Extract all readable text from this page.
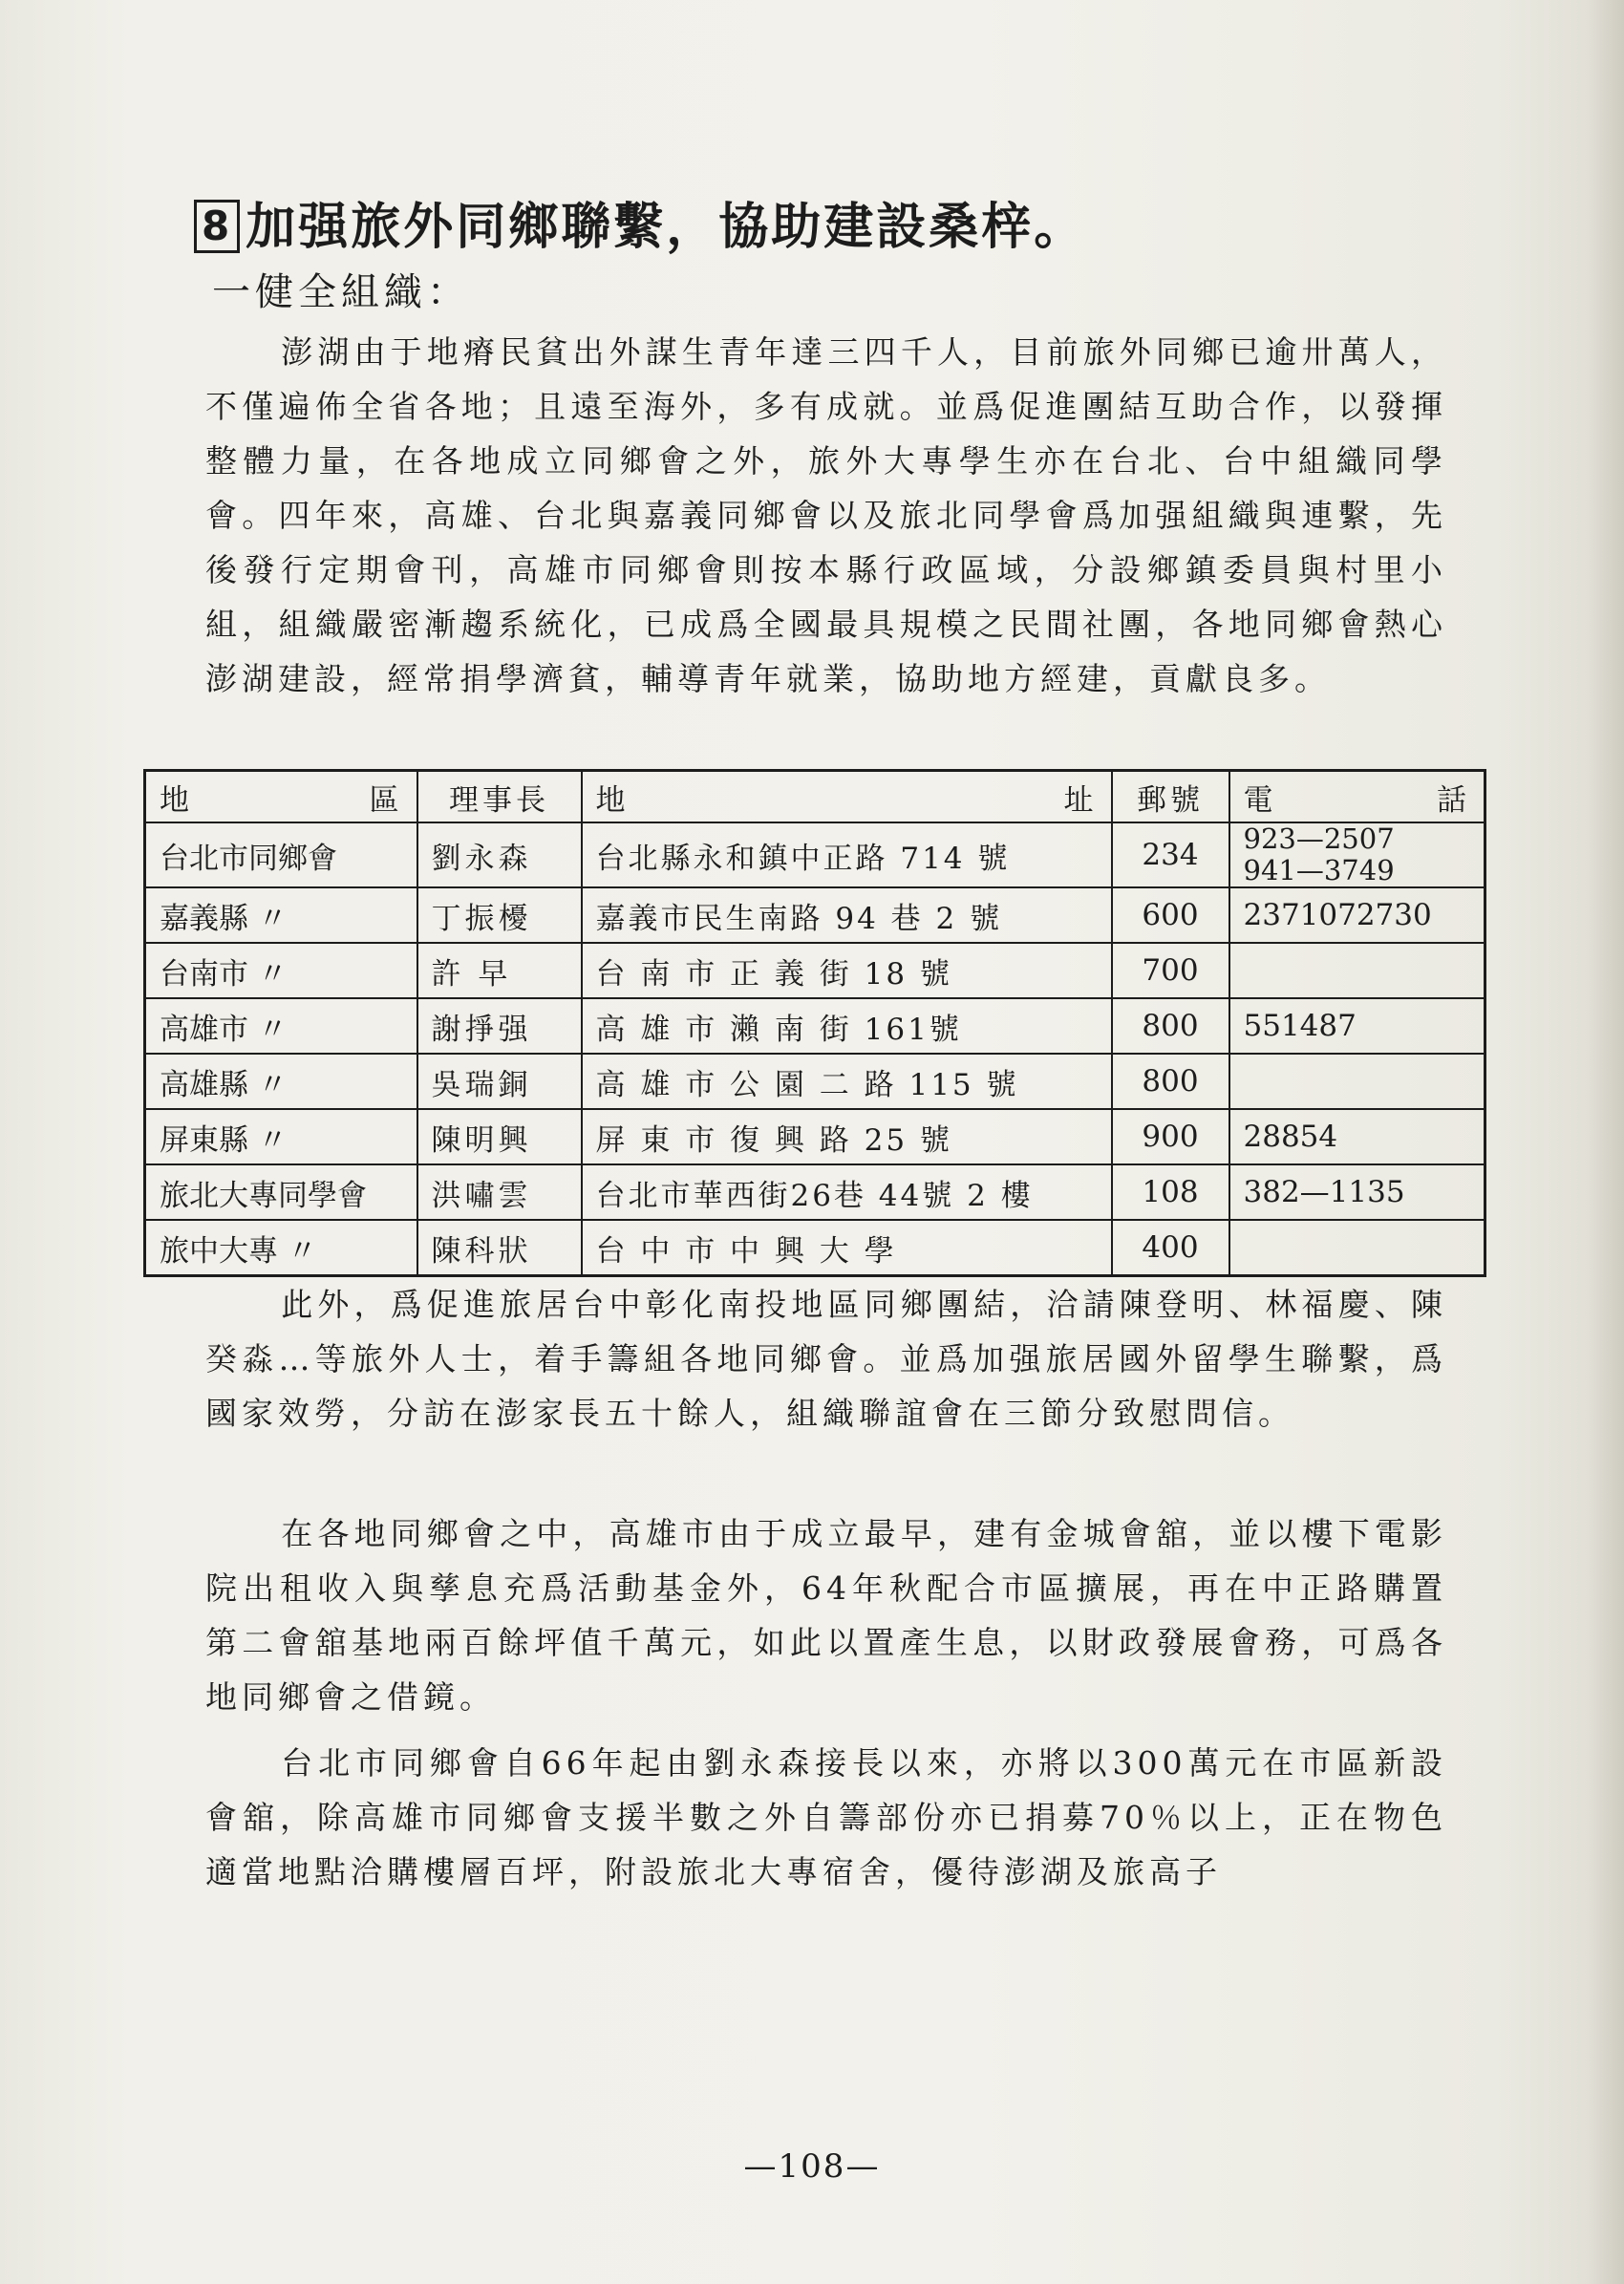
8 加强旅外同鄉聯繫，協助建設桑梓。
一健全組織：

澎湖由于地瘠民貧出外謀生青年達三四千人，目前旅外同鄉已逾卅萬人，不僅遍佈全省各地；且遠至海外，多有成就。並爲促進團結互助合作，以發揮整體力量，在各地成立同鄉會之外，旅外大專學生亦在台北、台中組織同學會。四年來，高雄、台北與嘉義同鄉會以及旅北同學會爲加强組織與連繫，先後發行定期會刊，高雄市同鄉會則按本縣行政區域，分設鄉鎮委員與村里小組，組織嚴密漸趨系統化，已成爲全國最具規模之民間社團，各地同鄉會熱心澎湖建設，經常捐學濟貧，輔導青年就業，協助地方經建，貢獻良多。

地 區	理事長	地 址	郵號	電 話

台北市同鄉會	劉永森	台北縣永和鎮中正路 714 號	234	923—2507
941—3749

嘉義縣 〃	丁振櫌	嘉義市民生南路 94 巷 2 號	600	2371072730
台南市 〃	許 早	台 南 市 正 義 街 18 號	700	
高雄市 〃	謝掙强	高 雄 市 瀨 南 街 161號	800	551487
高雄縣 〃	吳瑞銅	高 雄 市 公 園 二 路 115 號	800	
屏東縣 〃	陳明興	屏 東 市 復 興 路 25 號	900	28854
旅北大專同學會	洪嘯雲	台北市華西街26巷 44號 2 樓	108	382—1135
旅中大專 〃	陳科狀	台 中 市 中 興 大 學	400	

此外，爲促進旅居台中彰化南投地區同鄉團結，洽請陳登明、林福慶、陳癸淼…等旅外人士，着手籌組各地同鄉會。並爲加强旅居國外留學生聯繫，爲國家效勞，分訪在澎家長五十餘人，組織聯誼會在三節分致慰問信。

在各地同鄉會之中，高雄市由于成立最早，建有金城會舘，並以樓下電影院出租收入與孳息充爲活動基金外，64年秋配合市區擴展，再在中正路購置第二會舘基地兩百餘坪值千萬元，如此以置產生息，以財政發展會務，可爲各地同鄉會之借鏡。

台北市同鄉會自66年起由劉永森接長以來，亦將以300萬元在市區新設會舘，除高雄市同鄉會支援半數之外自籌部份亦已捐募70％以上，正在物色適當地點洽購樓層百坪，附設旅北大專宿舍，優待澎湖及旅高子

—108—
